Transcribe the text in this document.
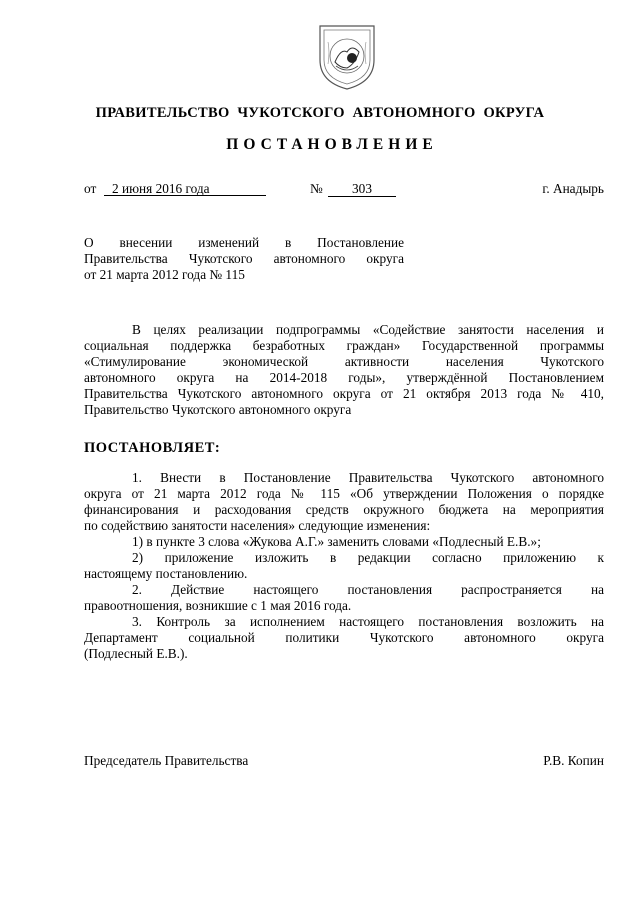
ПРАВИТЕЛЬСТВО  ЧУКОТСКОГО  АВТОНОМНОГО  ОКРУГА
ПОСТАНОВЛЕНИЕ
от	2 июня 2016 года	№	303	г. Анадырь

О внесении изменений в Постановление

Правительства Чукотского автономного округа

от 21 марта 2012 года № 115

В целях реализации подпрограммы «Содействие занятости населения и

социальная поддержка безработных граждан» Государственной программы

«Стимулирование экономической активности населения Чукотского

автономного округа на 2014-2018 годы», утверждённой Постановлением

Правительства Чукотского автономного округа от 21 октября 2013 года № 410,

Правительство Чукотского автономного округа

ПОСТАНОВЛЯЕТ:

1. Внести в Постановление Правительства Чукотского автономного

округа от 21 марта 2012 года № 115 «Об утверждении Положения о порядке

финансирования и расходования средств окружного бюджета на мероприятия

по содействию занятости населения» следующие изменения:

1) в пункте 3 слова «Жукова А.Г.» заменить словами «Подлесный Е.В.»;

2) приложение изложить в редакции согласно приложению к

настоящему постановлению.

2. Действие настоящего постановления распространяется на

правоотношения, возникшие с 1 мая 2016 года.

3. Контроль за исполнением настоящего постановления возложить на

Департамент социальной политики Чукотского автономного округа

(Подлесный Е.В.).

Председатель Правительства	Р.В. Копин
